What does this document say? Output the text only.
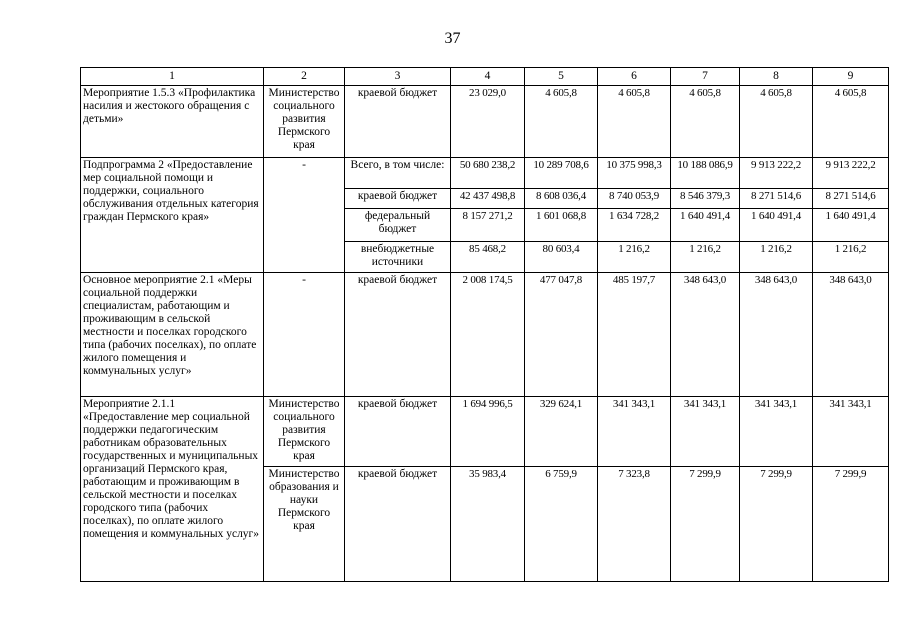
37
1	2	3	4	5	6	7	8	9
Мероприятие 1.5.3 «Профилактика насилия и жестокого обращения с детьми»	Министерство социального развития Пермского края	краевой бюджет	23 029,0	4 605,8	4 605,8	4 605,8	4 605,8	4 605,8
Подпрограмма 2 «Предоставление мер социальной помощи и поддержки, социального обслуживания отдельных категория граждан Пермского края»	-	Всего, в том числе:	50 680 238,2	10 289 708,6	10 375 998,3	10 188 086,9	9 913 222,2	9 913 222,2
		краевой бюджет	42 437 498,8	8 608 036,4	8 740 053,9	8 546 379,3	8 271 514,6	8 271 514,6
		федеральный бюджет	8 157 271,2	1 601 068,8	1 634 728,2	1 640 491,4	1 640 491,4	1 640 491,4
		внебюджетные источники	85 468,2	80 603,4	1 216,2	1 216,2	1 216,2	1 216,2
Основное мероприятие 2.1 «Меры социальной поддержки специалистам, работающим и проживающим в сельской местности и поселках городского типа (рабочих поселках), по оплате жилого помещения и коммунальных услуг»	-	краевой бюджет	2 008 174,5	477 047,8	485 197,7	348 643,0	348 643,0	348 643,0
Мероприятие 2.1.1 «Предоставление мер социальной поддержки педагогическим работникам образовательных государственных и муниципальных организаций Пермского края, работающим и проживающим в сельской местности и поселках городского типа (рабочих поселках), по оплате жилого помещения и коммунальных услуг»	Министерство социального развития Пермского края	краевой бюджет	1 694 996,5	329 624,1	341 343,1	341 343,1	341 343,1	341 343,1
	Министерство образования и науки Пермского края	краевой бюджет	35 983,4	6 759,9	7 323,8	7 299,9	7 299,9	7 299,9
